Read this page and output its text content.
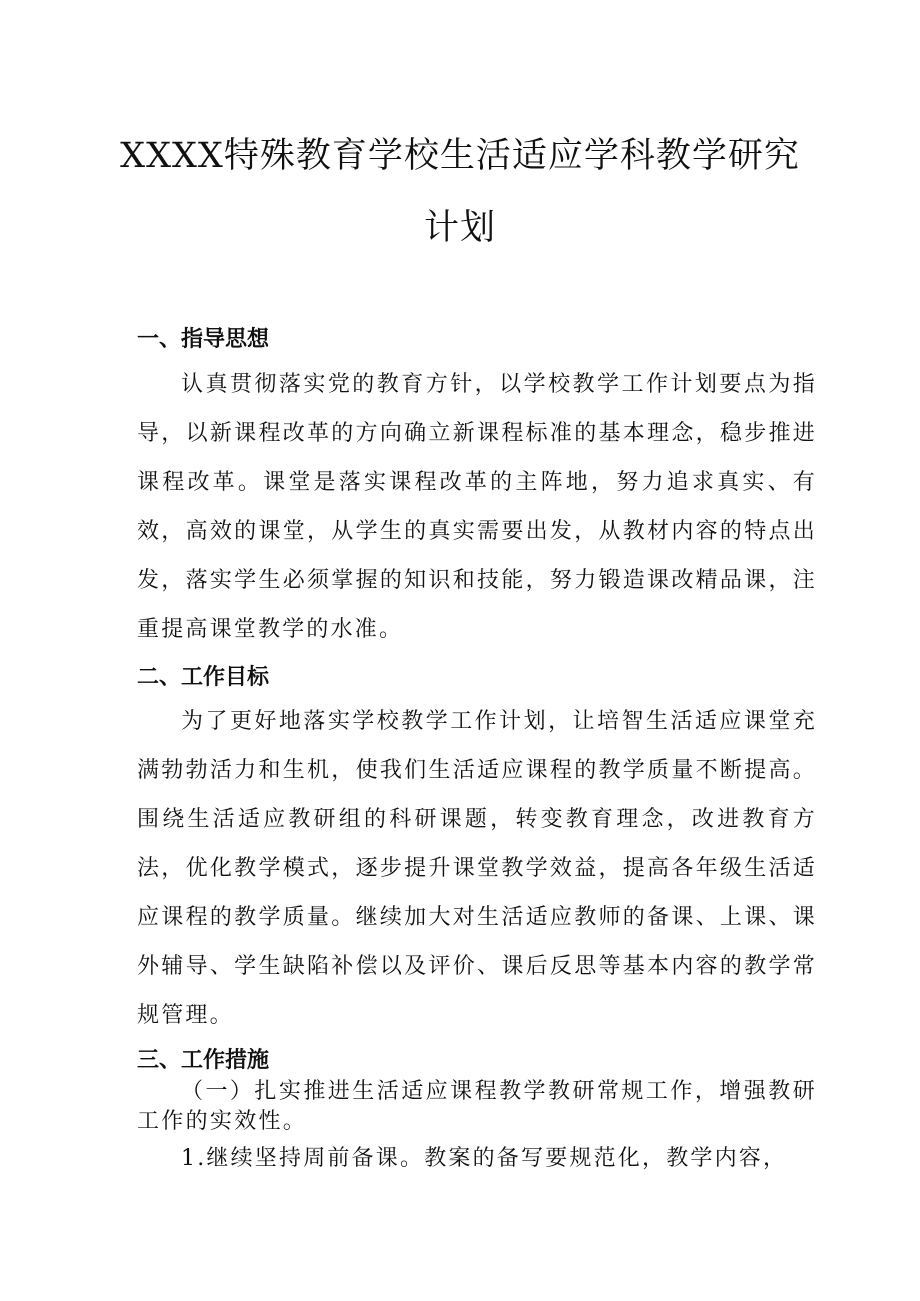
XXXX特殊教育学校生活适应学科教学研究
计划
一、指导思想

认真贯彻落实党的教育方针，以学校教学工作计划要点为指导，以新课程改革的方向确立新课程标准的基本理念，稳步推进课程改革。课堂是落实课程改革的主阵地，努力追求真实、有效，高效的课堂，从学生的真实需要出发，从教材内容的特点出发，落实学生必须掌握的知识和技能，努力锻造课改精品课，注重提高课堂教学的水准。

二、工作目标

为了更好地落实学校教学工作计划，让培智生活适应课堂充满勃勃活力和生机，使我们生活适应课程的教学质量不断提高。围绕生活适应教研组的科研课题，转变教育理念，改进教育方法，优化教学模式，逐步提升课堂教学效益，提高各年级生活适应课程的教学质量。继续加大对生活适应教师的备课、上课、课外辅导、学生缺陷补偿以及评价、课后反思等基本内容的教学常规管理。

三、工作措施

（一）扎实推进生活适应课程教学教研常规工作，增强教研工作的实效性。

1.继续坚持周前备课。教案的备写要规范化，教学内容，
